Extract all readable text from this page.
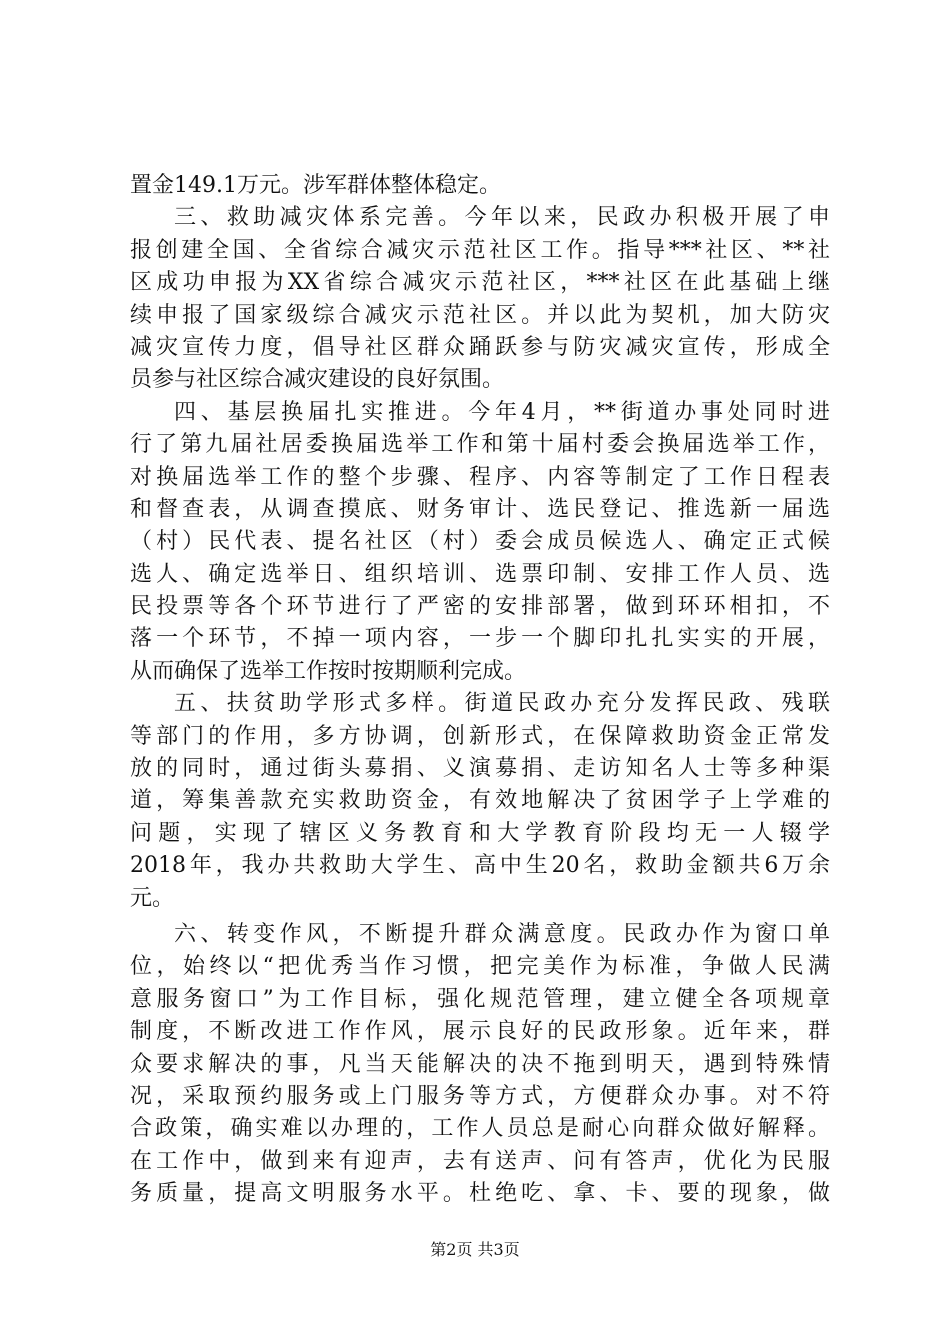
置金149.1万元。涉军群体整体稳定。
三、救助减灾体系完善。今年以来，民政办积极开展了申
报创建全国、全省综合减灾示范社区工作。指导***社区、**社
区成功申报为XX省综合减灾示范社区，***社区在此基础上继
续申报了国家级综合减灾示范社区。并以此为契机，加大防灾
减灾宣传力度，倡导社区群众踊跃参与防灾减灾宣传，形成全
员参与社区综合减灾建设的良好氛围。
四、基层换届扎实推进。今年4月，**街道办事处同时进
行了第九届社居委换届选举工作和第十届村委会换届选举工作，
对换届选举工作的整个步骤、程序、内容等制定了工作日程表
和督查表，从调查摸底、财务审计、选民登记、推选新一届选
（村）民代表、提名社区（村）委会成员候选人、确定正式候
选人、确定选举日、组织培训、选票印制、安排工作人员、选
民投票等各个环节进行了严密的安排部署，做到环环相扣，不
落一个环节，不掉一项内容，一步一个脚印扎扎实实的开展，
从而确保了选举工作按时按期顺利完成。
五、扶贫助学形式多样。街道民政办充分发挥民政、残联
等部门的作用，多方协调，创新形式，在保障救助资金正常发
放的同时，通过街头募捐、义演募捐、走访知名人士等多种渠
道，筹集善款充实救助资金，有效地解决了贫困学子上学难的
问题，实现了辖区义务教育和大学教育阶段均无一人辍学
2018年，我办共救助大学生、高中生20名，救助金额共6万余
元。
六、转变作风，不断提升群众满意度。民政办作为窗口单
位，始终以“把优秀当作习惯，把完美作为标准，争做人民满
意服务窗口”为工作目标，强化规范管理，建立健全各项规章
制度，不断改进工作作风，展示良好的民政形象。近年来，群
众要求解决的事，凡当天能解决的决不拖到明天，遇到特殊情
况，采取预约服务或上门服务等方式，方便群众办事。对不符
合政策，确实难以办理的，工作人员总是耐心向群众做好解释。
在工作中，做到来有迎声，去有送声、问有答声，优化为民服
务质量，提高文明服务水平。杜绝吃、拿、卡、要的现象，做
第2页 共3页
